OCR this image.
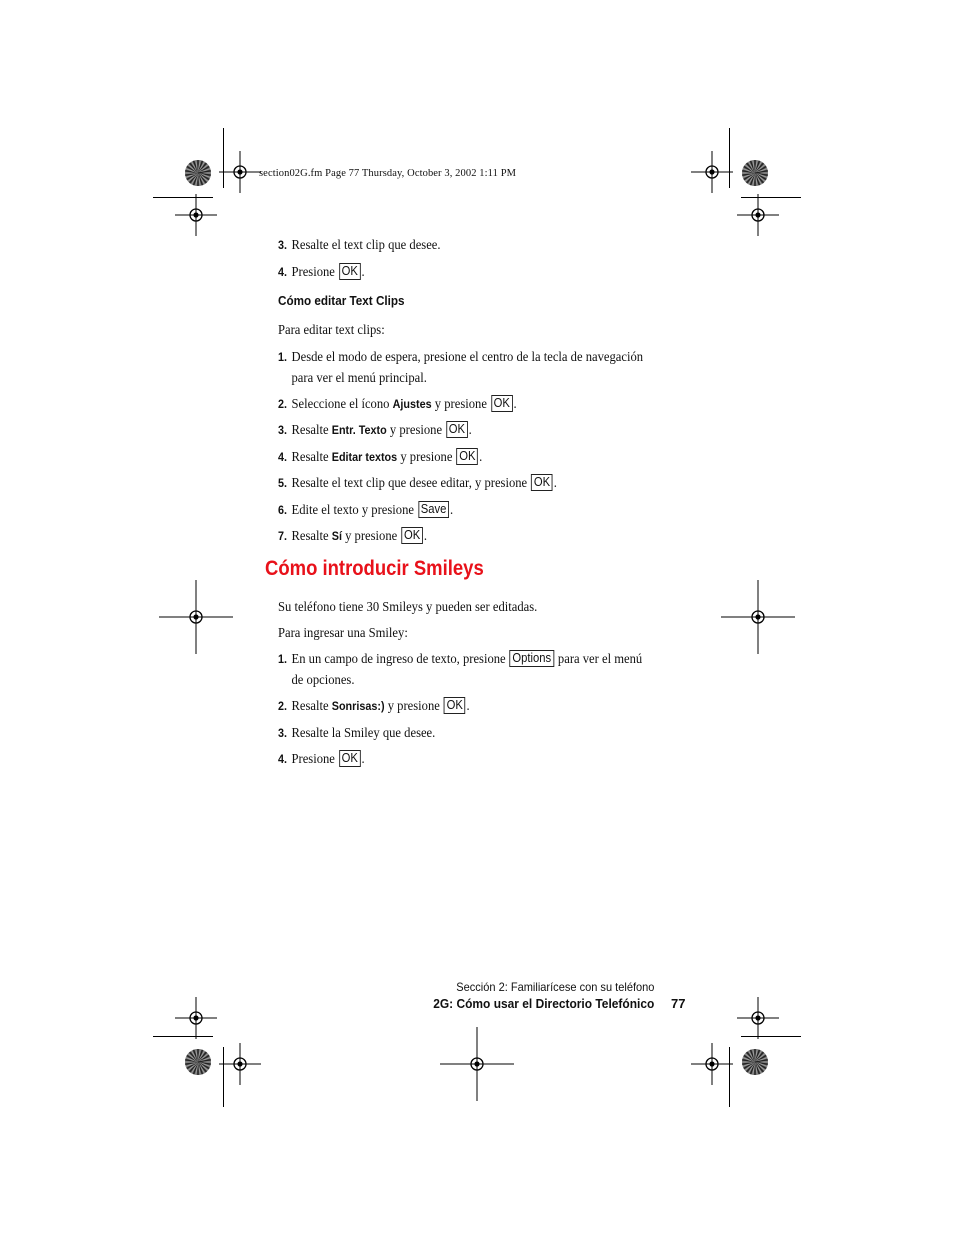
section02G.fm Page 77 Thursday, October 3, 2002 1:11 PM
3. Resalte el text clip que desee.
4. Presione OK .
Cómo editar Text Clips
Para editar text clips:
1. Desde el modo de espera, presione el centro de la tecla de navegación
para ver el menú principal.
2. Seleccione el ícono Ajustes y presione OK .
3. Resalte Entr. Texto y presione OK .
4. Resalte Editar textos y presione OK .
5. Resalte el text clip que desee editar, y presione OK .
6. Edite el texto y presione Save .
7. Resalte Sí y presione OK .
Cómo introducir Smileys
Su teléfono tiene 30 Smileys y pueden ser editadas.
Para ingresar una Smiley:
1. En un campo de ingreso de texto, presione Options para ver el menú
de opciones.
2. Resalte Sonrisas:) y presione OK .
3. Resalte la Smiley que desee.
4. Presione OK .
Sección 2: Familiarícese con su teléfono
2G: Cómo usar el Directorio Telefónico 77
